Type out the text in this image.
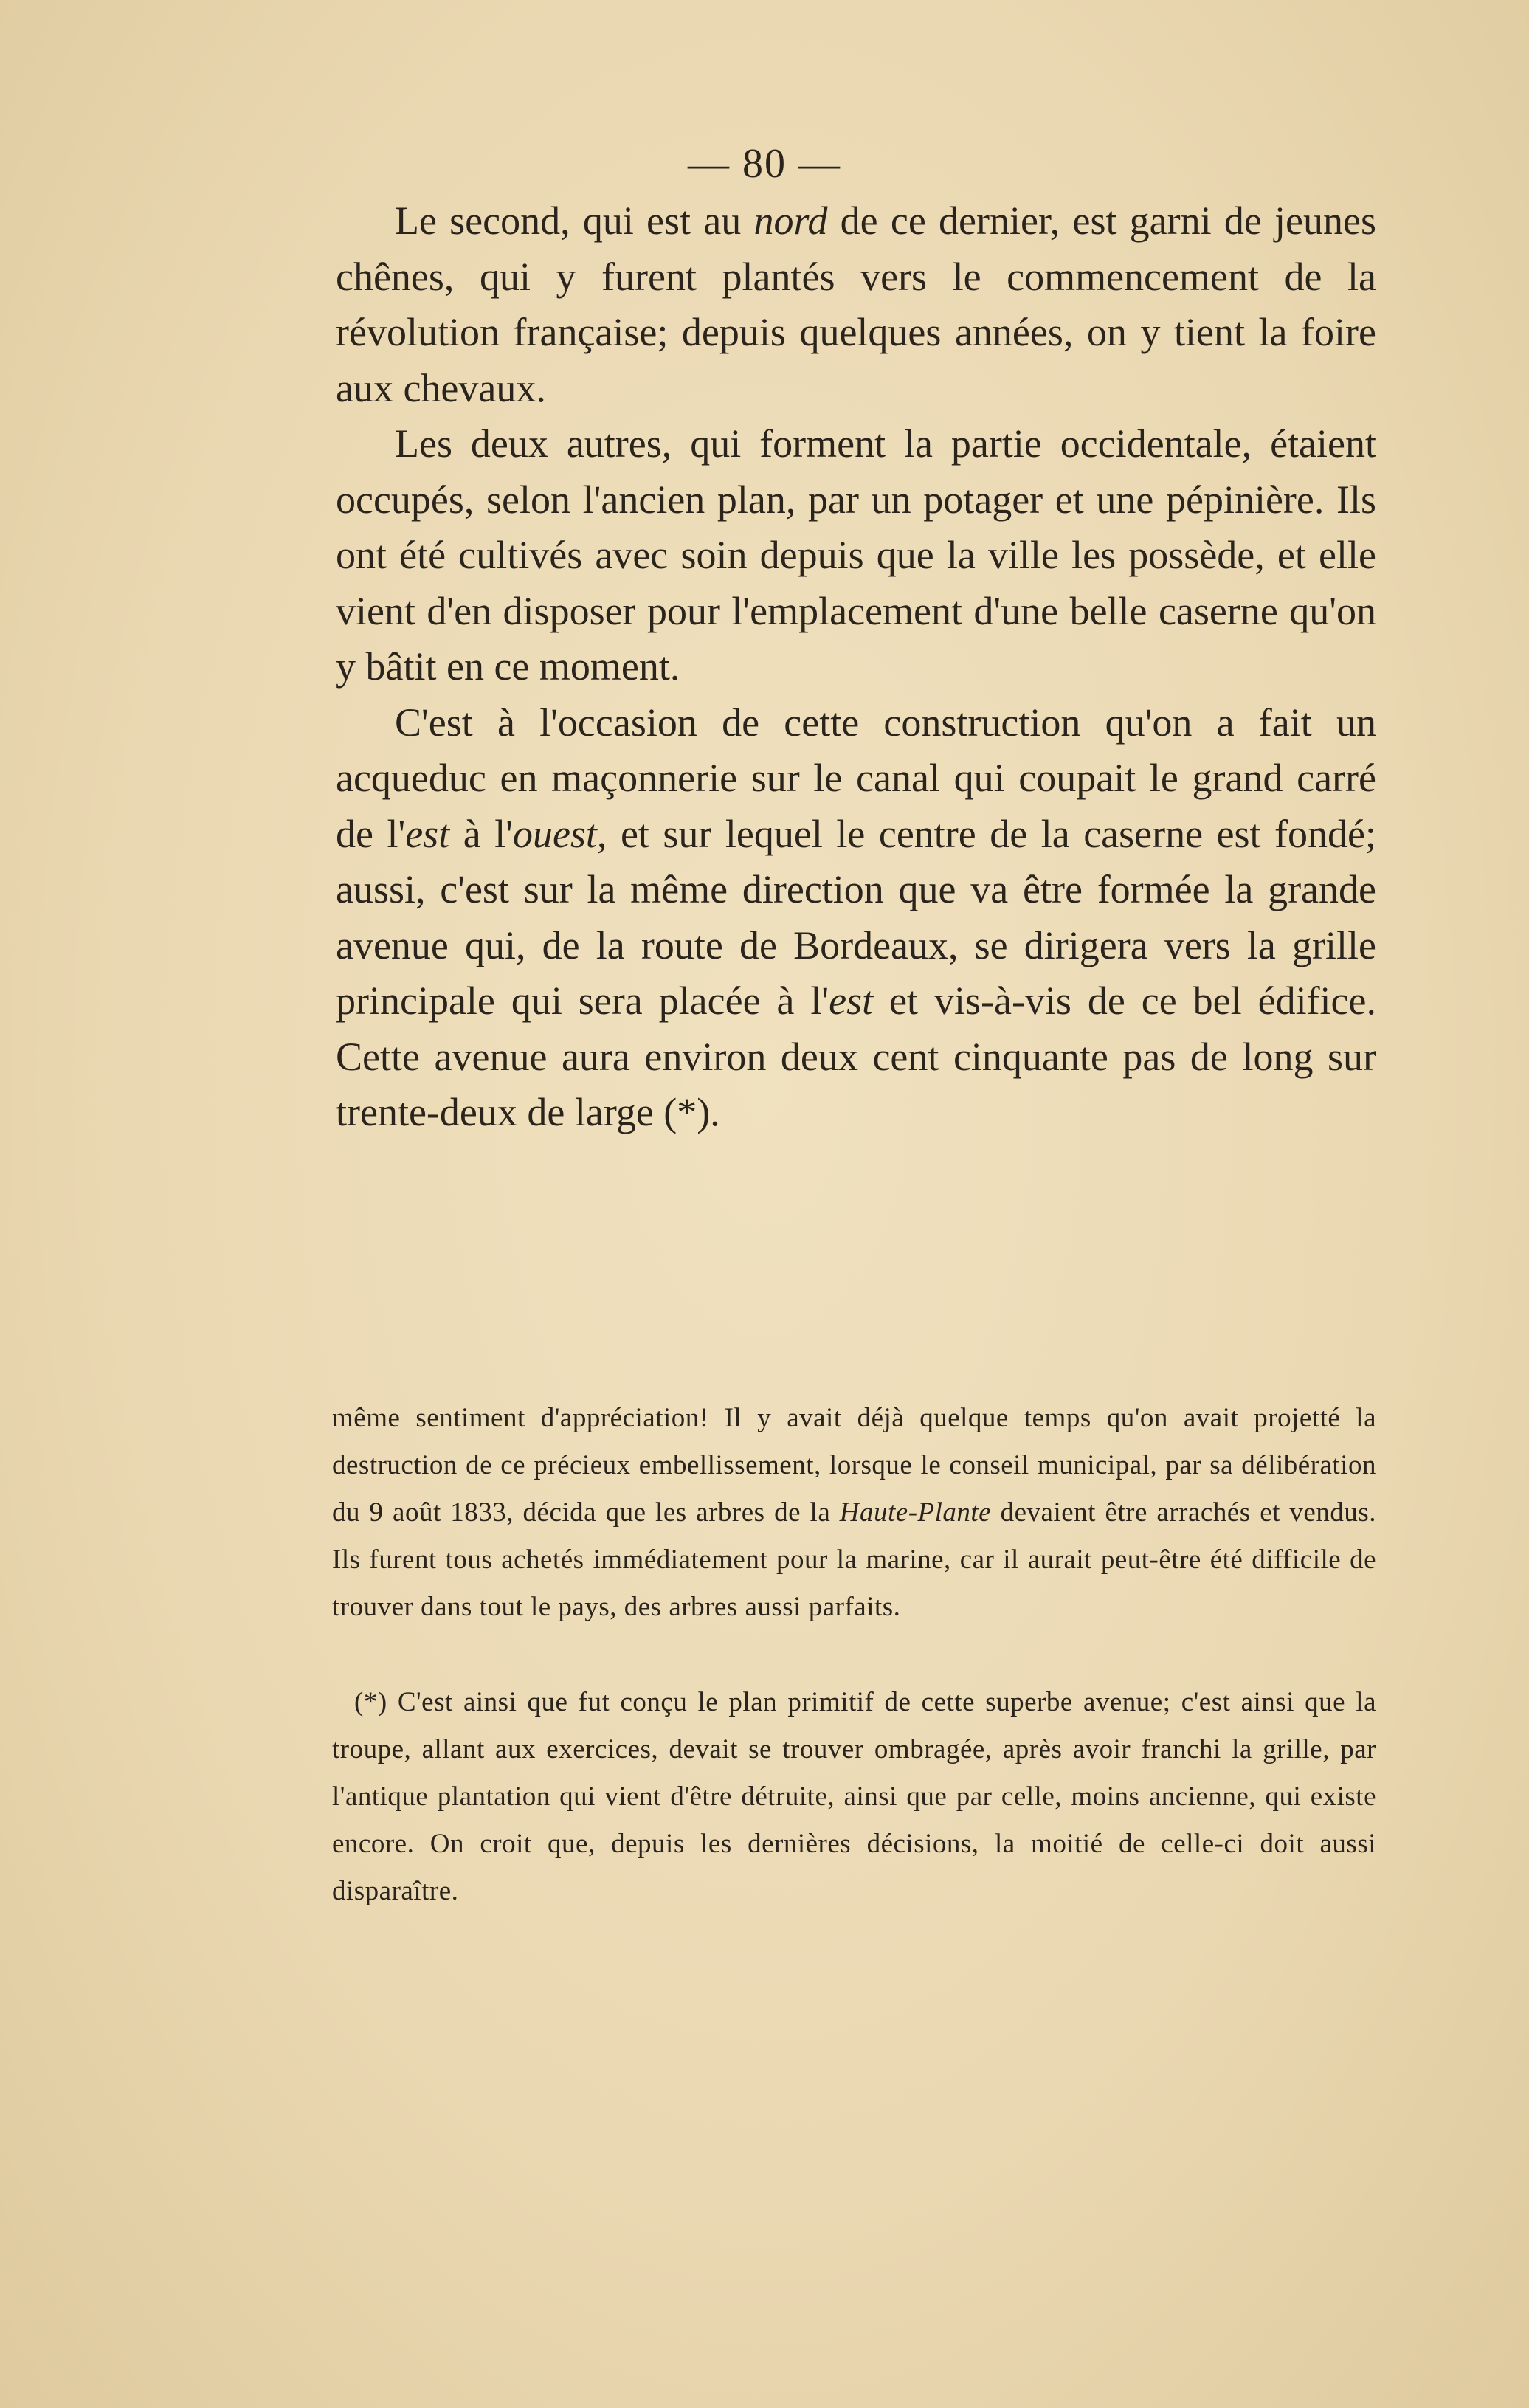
— 80 —

Le second, qui est au nord de ce dernier, est garni de jeunes chênes, qui y furent plantés vers le commencement de la révolution française; depuis quelques années, on y tient la foire aux chevaux.

Les deux autres, qui forment la partie occidentale, étaient occupés, selon l'ancien plan, par un potager et une pépinière. Ils ont été cultivés avec soin depuis que la ville les possède, et elle vient d'en disposer pour l'emplacement d'une belle caserne qu'on y bâtit en ce moment.

C'est à l'occasion de cette construction qu'on a fait un acqueduc en maçonnerie sur le canal qui coupait le grand carré de l'est à l'ouest, et sur lequel le centre de la caserne est fondé; aussi, c'est sur la même direction que va être formée la grande avenue qui, de la route de Bordeaux, se dirigera vers la grille principale qui sera placée à l'est et vis-à-vis de ce bel édifice. Cette avenue aura environ deux cent cinquante pas de long sur trente-deux de large (*).

même sentiment d'appréciation! Il y avait déjà quelque temps qu'on avait projetté la destruction de ce précieux embellissement, lorsque le conseil municipal, par sa délibération du 9 août 1833, décida que les arbres de la Haute-Plante devaient être arrachés et vendus. Ils furent tous achetés immédiatement pour la marine, car il aurait peut-être été difficile de trouver dans tout le pays, des arbres aussi parfaits.

(*) C'est ainsi que fut conçu le plan primitif de cette superbe avenue; c'est ainsi que la troupe, allant aux exercices, devait se trouver ombragée, après avoir franchi la grille, par l'antique plantation qui vient d'être détruite, ainsi que par celle, moins ancienne, qui existe encore. On croit que, depuis les dernières décisions, la moitié de celle-ci doit aussi disparaître.
